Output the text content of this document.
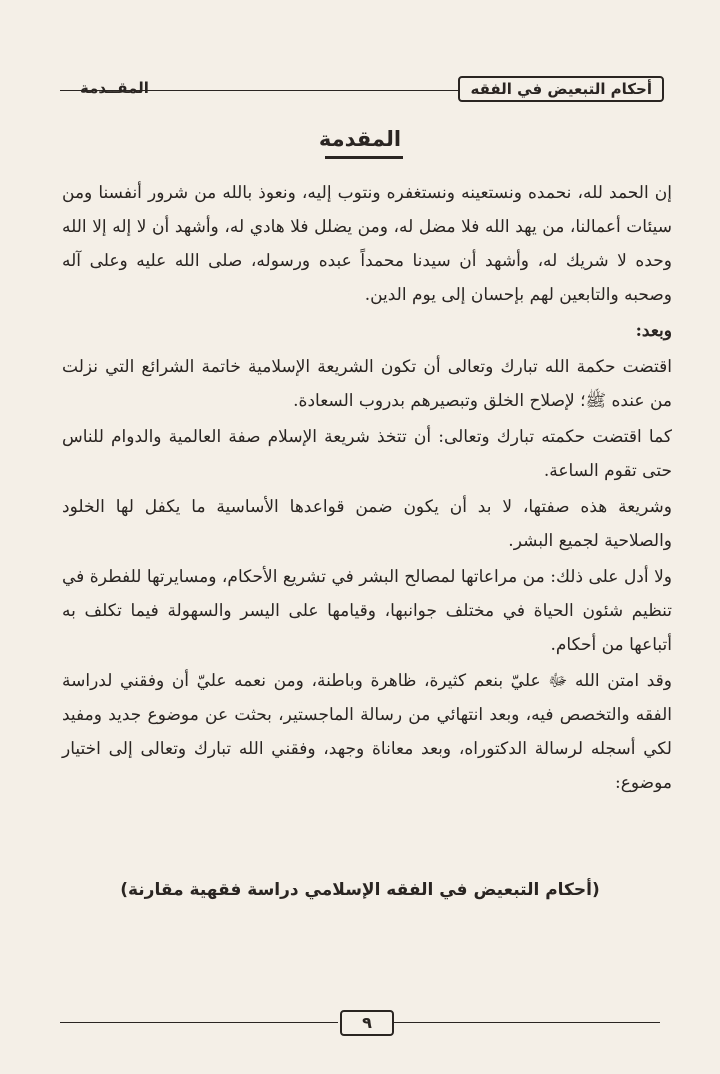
أحكام التبعيض في الفقه
المقــدمة
المقدمة

إن الحمد لله، نحمده ونستعينه ونستغفره ونتوب إليه، ونعوذ بالله من شرور أنفسنا ومن سيئات أعمالنا، من يهد الله فلا مضل له، ومن يضلل فلا هادي له، وأشهد أن لا إله إلا الله وحده لا شريك له، وأشهد أن سيدنا محمداً عبده ورسوله، صلى الله عليه وعلى آله وصحبه والتابعين لهم بإحسان إلى يوم الدين.

وبعد:

اقتضت حكمة الله تبارك وتعالى أن تكون الشريعة الإسلامية خاتمة الشرائع التي نزلت من عنده ﷺ؛ لإصلاح الخلق وتبصيرهم بدروب السعادة.

كما اقتضت حكمته تبارك وتعالى: أن تتخذ شريعة الإسلام صفة العالمية والدوام للناس حتى تقوم الساعة.

وشريعة هذه صفتها، لا بد أن يكون ضمن قواعدها الأساسية ما يكفل لها الخلود والصلاحية لجميع البشر.

ولا أدل على ذلك: من مراعاتها لمصالح البشر في تشريع الأحكام، ومسايرتها للفطرة في تنظيم شئون الحياة في مختلف جوانبها، وقيامها على اليسر والسهولة فيما تكلف به أتباعها من أحكام.

وقد امتن الله ﷻ عليّ بنعم كثيرة، ظاهرة وباطنة، ومن نعمه عليّ أن وفقني لدراسة الفقه والتخصص فيه، وبعد انتهائي من رسالة الماجستير، بحثت عن موضوع جديد ومفيد لكي أسجله لرسالة الدكتوراه، وبعد معاناة وجهد، وفقني الله تبارك وتعالى إلى اختيار موضوع:

(أحكام التبعيض في الفقه الإسلامي دراسة فقهية مقارنة)
٩
